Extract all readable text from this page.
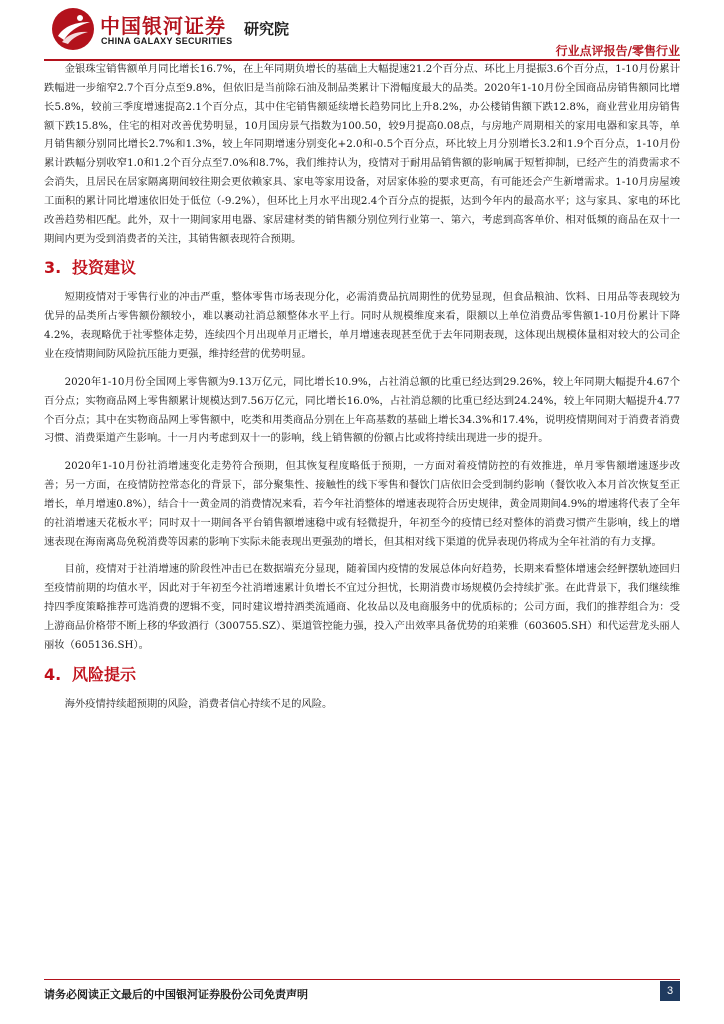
中国银河证券
CHINA GALAXY SECURITIES
研究院
行业点评报告/零售行业

金银珠宝销售额单月同比增长16.7%，在上年同期负增长的基础上大幅提速21.2个百分点、环比上月提振3.6个百分点，1-10月份累计跌幅进一步缩窄2.7个百分点至9.8%，但依旧是当前除石油及制品类累计下滑幅度最大的品类。2020年1-10月份全国商品房销售额同比增长5.8%，较前三季度增速提高2.1个百分点，其中住宅销售额延续增长趋势同比上升8.2%，办公楼销售额下跌12.8%，商业营业用房销售额下跌15.8%，住宅的相对改善优势明显，10月国房景气指数为100.50，较9月提高0.08点，与房地产周期相关的家用电器和家具等，单月销售额分别同比增长2.7%和1.3%，较上年同期增速分别变化+2.0和-0.5个百分点，环比较上月分别增长3.2和1.9个百分点，1-10月份累计跌幅分别收窄1.0和1.2个百分点至7.0%和8.7%，我们维持认为，疫情对于耐用品销售额的影响属于短暂抑制，已经产生的消费需求不会消失，且居民在居家隔离期间较往期会更依赖家具、家电等家用设备，对居家体验的要求更高，有可能还会产生新增需求。1-10月房屋竣工面积的累计同比增速依旧处于低位（-9.2%），但环比上月水平出现2.4个百分点的提振，达到今年内的最高水平；这与家具、家电的环比改善趋势相匹配。此外，双十一期间家用电器、家居建材类的销售额分别位列行业第一、第六，考虑到高客单价、相对低频的商品在双十一期间内更为受到消费者的关注，其销售额表现符合预期。

3. 投资建议

短期疫情对于零售行业的冲击严重，整体零售市场表现分化，必需消费品抗周期性的优势显现，但食品粮油、饮料、日用品等表现较为优异的品类所占零售额份额较小，难以裹动社消总额整体水平上行。同时从规模维度来看，限额以上单位消费品零售额1-10月份累计下降4.2%，表现略优于社零整体走势，连续四个月出现单月正增长，单月增速表现甚至优于去年同期表现，这体现出规模体量相对较大的公司企业在疫情期间防风险抗压能力更强，维持经营的优势明显。

2020年1-10月份全国网上零售额为9.13万亿元，同比增长10.9%，占社消总额的比重已经达到29.26%，较上年同期大幅提升4.67个百分点；实物商品网上零售额累计规模达到7.56万亿元，同比增长16.0%，占社消总额的比重已经达到24.24%，较上年同期大幅提升4.77个百分点；其中在实物商品网上零售额中，吃类和用类商品分别在上年高基数的基础上增长34.3%和17.4%，说明疫情期间对于消费者消费习惯、消费渠道产生影响。十一月内考虑到双十一的影响，线上销售额的份额占比或将持续出现进一步的提升。

2020年1-10月份社消增速变化走势符合预期，但其恢复程度略低于预期，一方面对着疫情防控的有效推进，单月零售额增速逐步改善；另一方面，在疫情防控常态化的背景下，部分聚集性、接触性的线下零售和餐饮门店依旧会受到制约影响（餐饮收入本月首次恢复至正增长，单月增速0.8%），结合十一黄金周的消费情况来看，若今年社消整体的增速表现符合历史规律，黄金周期间4.9%的增速将代表了全年的社消增速天花板水平；同时双十一期间各平台销售额增速稳中或有轻微提升，年初至今的疫情已经对整体的消费习惯产生影响，线上的增速表现在海南离岛免税消费等因素的影响下实际未能表现出更强劲的增长，但其相对线下渠道的优异表现仍将成为全年社消的有力支撑。

目前，疫情对于社消增速的阶段性冲击已在数据端充分显现，随着国内疫情的发展总体向好趋势，长期来看整体增速会经鲆摆轨迹回归至疫情前期的均值水平，因此对于年初至今社消增速累计负增长不宜过分担忧，长期消费市场规模仍会持续扩张。在此背景下，我们继续维持四季度策略推荐可选消费的逻辑不变，同时建议增持酒类流通商、化妆品以及电商服务中的优质标的；公司方面，我们的推荐组合为：受上游商品价格带不断上移的华致酒行（300755.SZ）、渠道管控能力强，投入产出效率具备优势的珀莱雅（603605.SH）和代运营龙头丽人丽妆（605136.SH）。

4. 风险提示

海外疫情持续超预期的风险，消费者信心持续不足的风险。

请务必阅读正文最后的中国银河证券股份公司免责声明	3
